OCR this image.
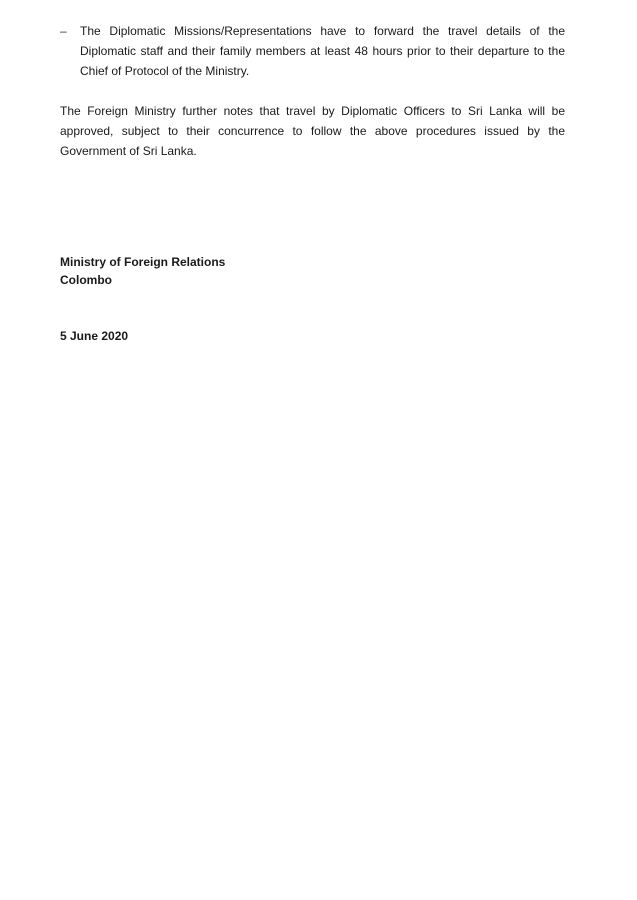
– The Diplomatic Missions/Representations have to forward the travel details of the Diplomatic staff and their family members at least 48 hours prior to their departure to the Chief of Protocol of the Ministry.
The Foreign Ministry further notes that travel by Diplomatic Officers to Sri Lanka will be approved, subject to their concurrence to follow the above procedures issued by the Government of Sri Lanka.
Ministry of Foreign Relations
Colombo
5 June 2020
